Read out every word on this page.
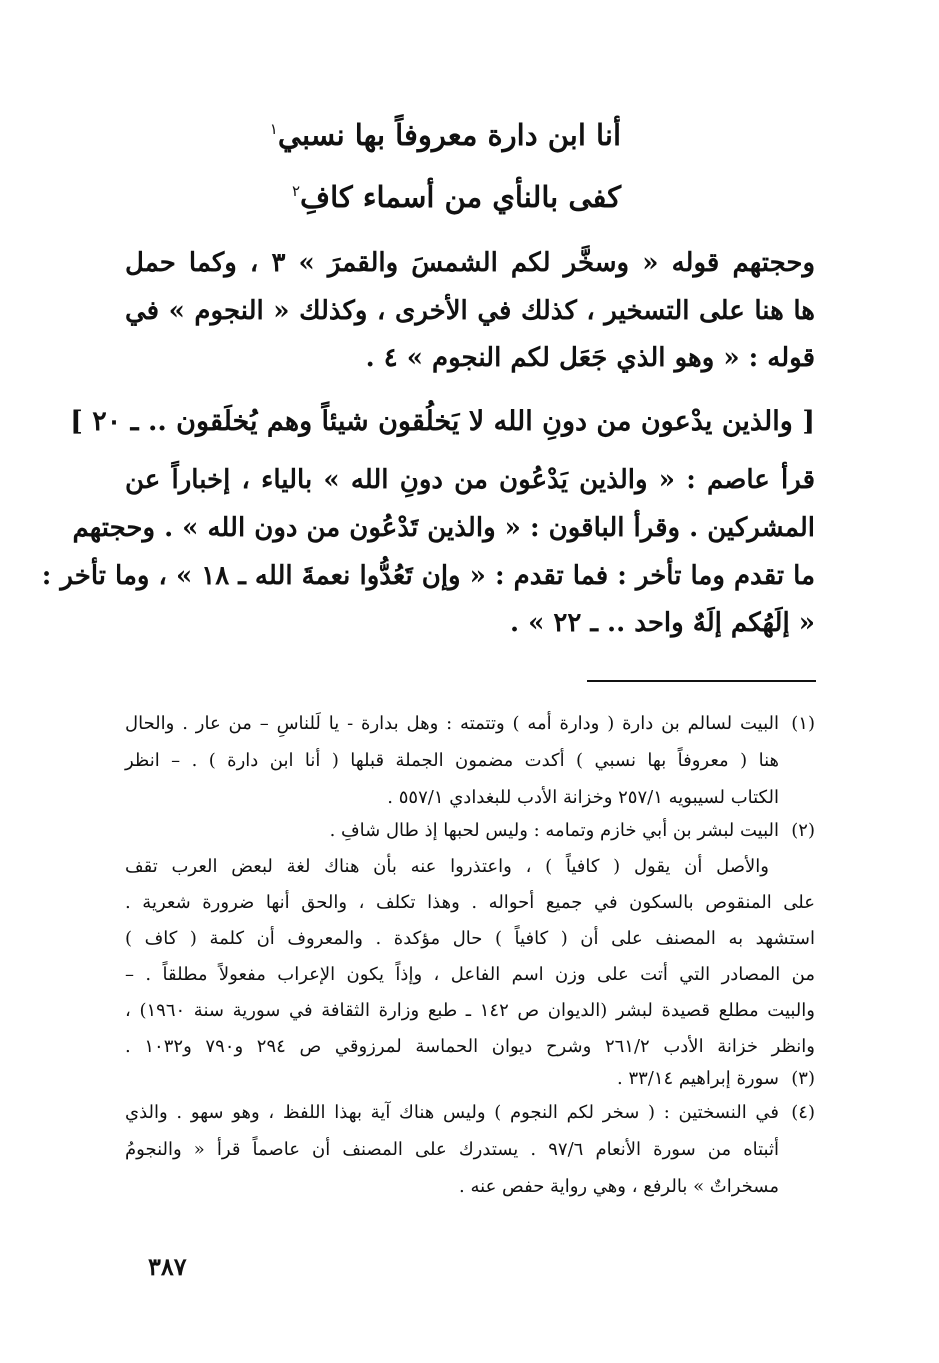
أنا ابن دارة معروفاً بها نسبي$^١$
كفى بالنأي من أسماء كافِ$^٢$
وحجتهم قوله « وسخَّر لكم الشمسَ والقمرَ » ٣ ، وكما حمل
ها هنا على التسخير ، كذلك في الأخرى ، وكذلك « النجوم » في
قوله : « وهو الذي جَعَل لكم النجوم » ٤ .
[ والذين يدْعون من دونِ الله لا يَخلُقون شيئاً وهم يُخلَقون .. ـ ٢٠ ]
قرأ عاصم : « والذين يَدْعُون من دونِ الله » بالياء ، إخباراً عن
المشركين . وقرأ الباقون : « والذين تَدْعُون من دون الله » . وحجتهم
ما تقدم وما تأخر : فما تقدم : « وإن تَعُدُّوا نعمةَ الله ـ ١٨ » ، وما تأخر :
« إلَهُكم إلَهٌ واحد .. ـ ٢٢ » .
(١)
البيت لسالم بن دارة ( ودارة أمه ) وتتمته : وهل بدارة - يا لَلناسِ – من عار . والحال
هنا ( معروفاً بها نسبي ) أكدت مضمون الجملة قبلها ( أنا ابن دارة ) . – انظر
الكتاب لسيبويه ٢٥٧/١ وخزانة الأدب للبغدادي ٥٥٧/١ .
(٢)
البيت لبشر بن أبي خازم وتمامه : وليس لحبها إذ طال شافِ .
والأصل أن يقول ( كافياً ) ، واعتذروا عنه بأن هناك لغة لبعض العرب تقف
على المنقوص بالسكون في جميع أحواله . وهذا تكلف ، والحق أنها ضرورة شعرية .
استشهد به المصنف على أن ( كافياً ) حال مؤكدة . والمعروف أن كلمة ( كاف )
من المصادر التي أتت على وزن اسم الفاعل ، وإذاً يكون الإعراب مفعولاً مطلقاً . –
والبيت مطلع قصيدة لبشر (الديوان ص ١٤٢ ـ طبع وزارة الثقافة في سورية سنة ١٩٦٠) ،
وانظر خزانة الأدب ٢٦١/٢ وشرح ديوان الحماسة لمرزوقي ص ٢٩٤ و٧٩٠ و١٠٣٢ .
(٣)
سورة إبراهيم ٣٣/١٤ .
(٤)
في النسختين : ( سخر لكم النجوم ) وليس هناك آية بهذا اللفظ ، وهو سهو . والذي
أثبتاه من سورة الأنعام ٩٧/٦ . يستدرك على المصنف أن عاصماً قرأ « والنجومُ
مسخراتٌ » بالرفع ، وهي رواية حفص عنه .
٣٨٧
